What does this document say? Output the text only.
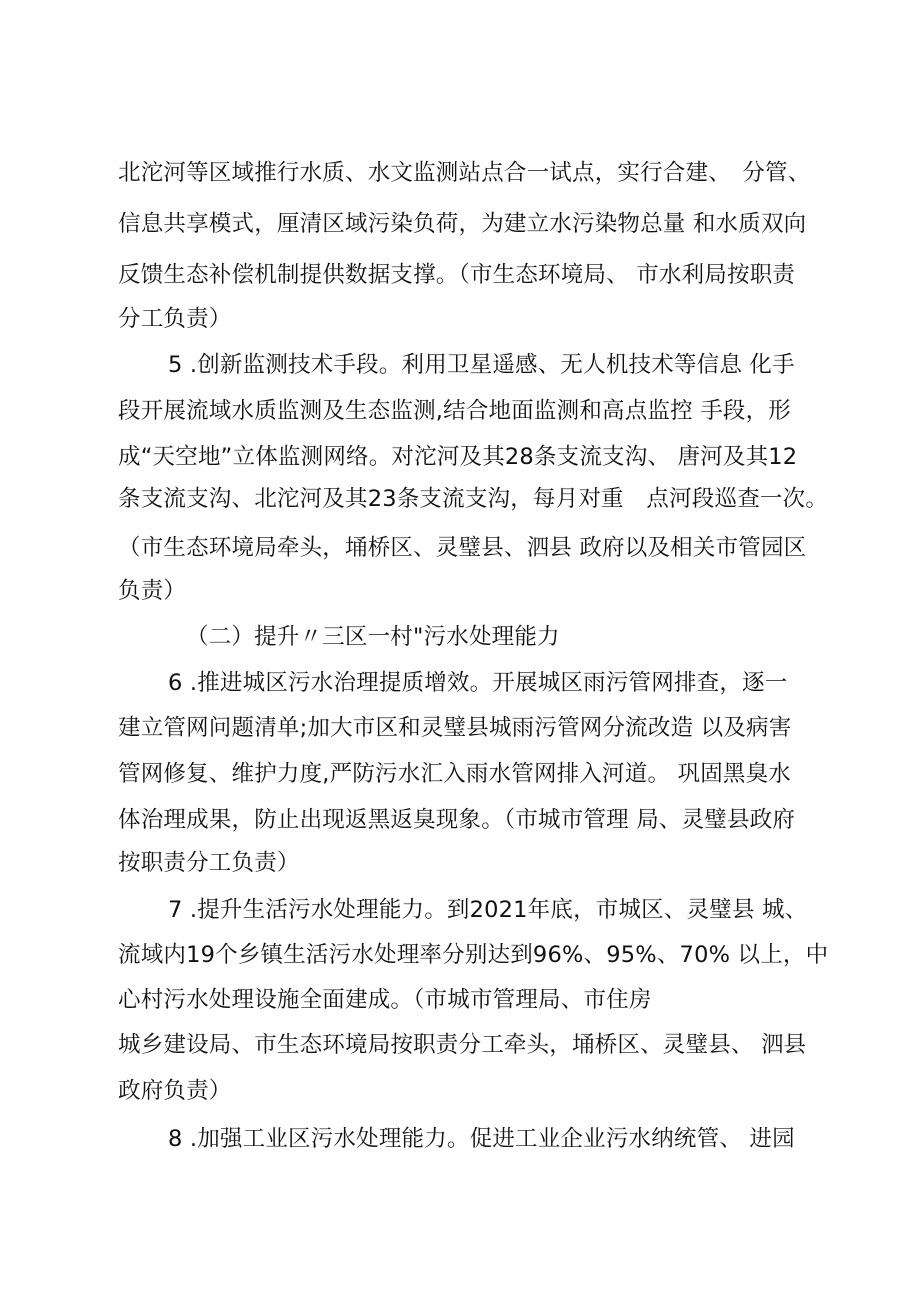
北沱河等区域推行水质、水文监测站点合一试点，实行合建、　分管、
信息共享模式，厘清区域污染负荷，为建立水污染物总量 和水质双向
反馈生态补偿机制提供数据支撑。（市生态环境局、 市水利局按职责
分工负责）
5 .创新监测技术手段。利用卫星遥感、无人机技术等信息 化手
段开展流域水质监测及生态监测,结合地面监测和高点监控 手段，形
成“天空地”立体监测网络。对沱河及其28条支流支沟、 唐河及其12
条支流支沟、北沱河及其23条支流支沟，每月对重　点河段巡查一次。
（市生态环境局牵头，埇桥区、灵璧县、泗县 政府以及相关市管园区
负责）
（二）提升〃三区一村"污水处理能力
6 .推进城区污水治理提质增效。开展城区雨污管网排查，逐一
建立管网问题清单;加大市区和灵璧县城雨污管网分流改造 以及病害
管网修复、维护力度,严防污水汇入雨水管网排入河道。 巩固黑臭水
体治理成果，防止出现返黑返臭现象。（市城市管理 局、灵璧县政府
按职责分工负责）
7 .提升生活污水处理能力。到2021年底，市城区、灵璧县 城、
流域内19个乡镇生活污水处理率分别达到96%、95%、70% 以上，中
心村污水处理设施全面建成。（市城市管理局、市住房
城乡建设局、市生态环境局按职责分工牵头，埇桥区、灵璧县、 泗县
政府负责）
8 .加强工业区污水处理能力。促进工业企业污水纳统管、 进园
